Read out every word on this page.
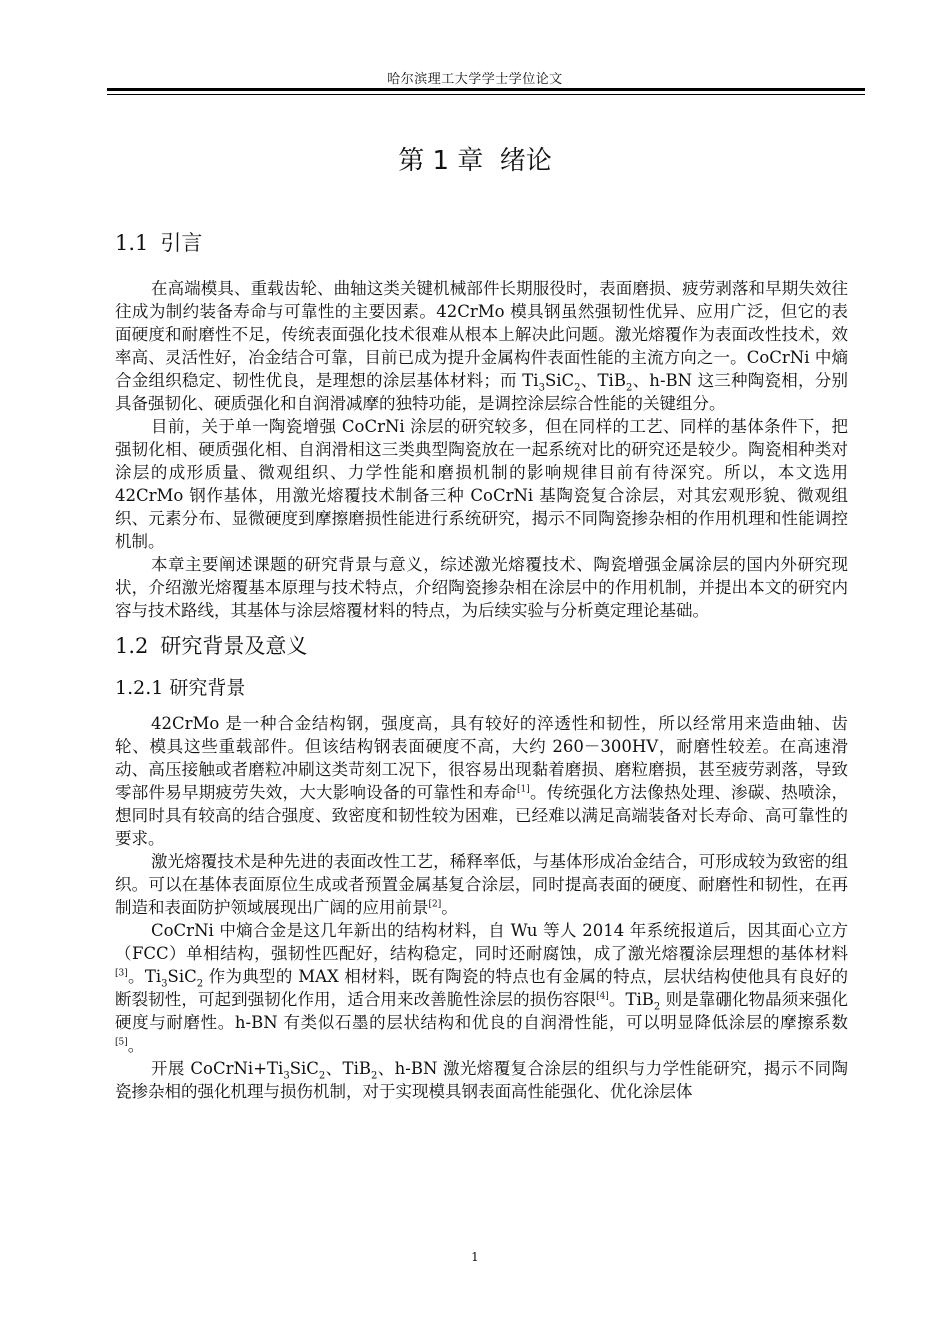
哈尔滨理工大学学士学位论文
第 1 章 绪论
1.1 引言

在高端模具、重载齿轮、曲轴这类关键机械部件长期服役时，表面磨损、疲劳剥落和早期失效往往成为制约装备寿命与可靠性的主要因素。42CrMo 模具钢虽然强韧性优异、应用广泛，但它的表面硬度和耐磨性不足，传统表面强化技术很难从根本上解决此问题。激光熔覆作为表面改性技术，效率高、灵活性好，冶金结合可靠，目前已成为提升金属构件表面性能的主流方向之一。CoCrNi 中熵合金组织稳定、韧性优良，是理想的涂层基体材料；而 $Ti_3SiC_2$、TiB$_2$、h-BN 这三种陶瓷相，分别具备强韧化、硬质强化和自润滑减摩的独特功能，是调控涂层综合性能的关键组分。

目前，关于单一陶瓷增强 CoCrNi 涂层的研究较多，但在同样的工艺、同样的基体条件下，把强韧化相、硬质强化相、自润滑相这三类典型陶瓷放在一起系统对比的研究还是较少。陶瓷相种类对涂层的成形质量、微观组织、力学性能和磨损机制的影响规律目前有待深究。所以，本文选用 42CrMo 钢作基体，用激光熔覆技术制备三种 CoCrNi 基陶瓷复合涂层，对其宏观形貌、微观组织、元素分布、显微硬度到摩擦磨损性能进行系统研究，揭示不同陶瓷掺杂相的作用机理和性能调控机制。

本章主要阐述课题的研究背景与意义，综述激光熔覆技术、陶瓷增强金属涂层的国内外研究现状，介绍激光熔覆基本原理与技术特点，介绍陶瓷掺杂相在涂层中的作用机制，并提出本文的研究内容与技术路线，其基体与涂层熔覆材料的特点，为后续实验与分析奠定理论基础。

1.2 研究背景及意义
1.2.1 研究背景

42CrMo 是一种合金结构钢，强度高，具有较好的淬透性和韧性，所以经常用来造曲轴、齿轮、模具这些重载部件。但该结构钢表面硬度不高，大约 260－300HV，耐磨性较差。在高速滑动、高压接触或者磨粒冲刷这类苛刻工况下，很容易出现黏着磨损、磨粒磨损，甚至疲劳剥落，导致零部件易早期疲劳失效，大大影响设备的可靠性和寿命[1]。传统强化方法像热处理、渗碳、热喷涂，想同时具有较高的结合强度、致密度和韧性较为困难，已经难以满足高端装备对长寿命、高可靠性的要求。

激光熔覆技术是种先进的表面改性工艺，稀释率低，与基体形成冶金结合，可形成较为致密的组织。可以在基体表面原位生成或者预置金属基复合涂层，同时提高表面的硬度、耐磨性和韧性，在再制造和表面防护领域展现出广阔的应用前景[2]。

CoCrNi 中熵合金是这几年新出的结构材料，自 Wu 等人 2014 年系统报道后，因其面心立方（FCC）单相结构，强韧性匹配好，结构稳定，同时还耐腐蚀，成了激光熔覆涂层理想的基体材料[3]。$Ti_3SiC_2$ 作为典型的 MAX 相材料，既有陶瓷的特点也有金属的特点，层状结构使他具有良好的断裂韧性，可起到强韧化作用，适合用来改善脆性涂层的损伤容限[4]。TiB$_2$ 则是靠硼化物晶须来强化硬度与耐磨性。h-BN 有类似石墨的层状结构和优良的自润滑性能，可以明显降低涂层的摩擦系数[5]。

开展 $CoCrNi+Ti_3SiC_2$、TiB$_2$、h-BN 激光熔覆复合涂层的组织与力学性能研究，揭示不同陶瓷掺杂相的强化机理与损伤机制，对于实现模具钢表面高性能强化、优化涂层体

1
